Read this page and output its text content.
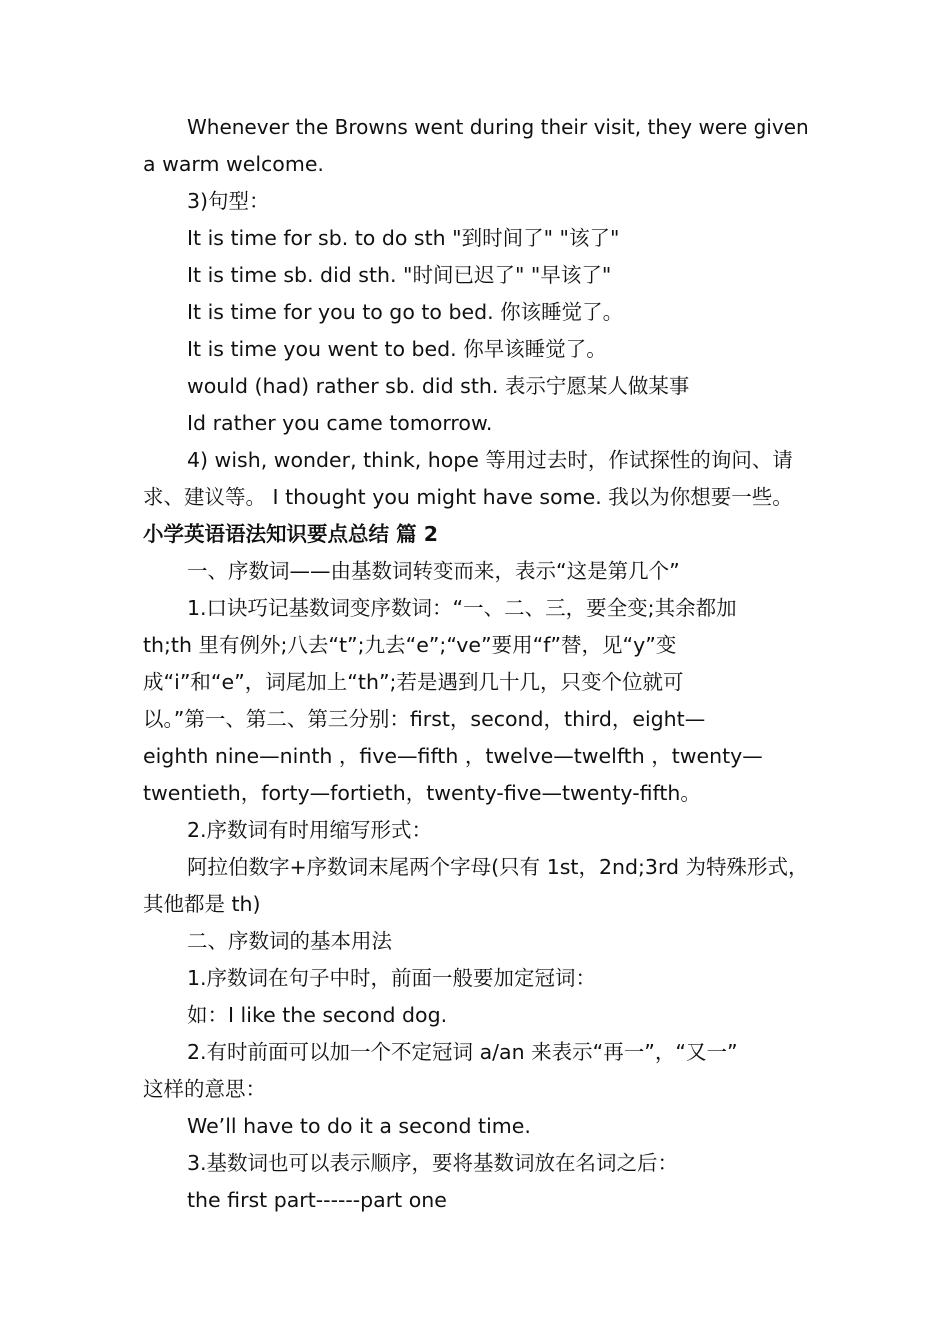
Whenever the Browns went during their visit, they were given
a warm welcome.
3)句型：
It is time for sb. to do sth "到时间了" "该了"
It is time sb. did sth. "时间已迟了" "早该了"
It is time for you to go to bed. 你该睡觉了。
It is time you went to bed. 你早该睡觉了。
would (had) rather sb. did sth. 表示宁愿某人做某事
Id rather you came tomorrow.
4) wish, wonder, think, hope 等用过去时，作试探性的询问、请
求、建议等。 I thought you might have some. 我以为你想要一些。
小学英语语法知识要点总结 篇 2
一、序数词——由基数词转变而来，表示“这是第几个”
1.口诀巧记基数词变序数词：“一、二、三，要全变;其余都加
th;th 里有例外;八去“t”;九去“e”;“ve”要用“f”替，见“y”变
成“i”和“e”，词尾加上“th”;若是遇到几十几，只变个位就可
以。”第一、第二、第三分别：first，second，third，eight—
eighth nine—ninth ，five—fifth ，twelve—twelfth ，twenty—
twentieth，forty—fortieth，twenty-five—twenty-fifth。
2.序数词有时用缩写形式：
阿拉伯数字+序数词末尾两个字母(只有 1st，2nd;3rd 为特殊形式，
其他都是 th)
二、序数词的基本用法
1.序数词在句子中时，前面一般要加定冠词：
如：I like the second dog.
2.有时前面可以加一个不定冠词 a/an 来表示“再一”，“又一”
这样的意思：
We’ll have to do it a second time.
3.基数词也可以表示顺序，要将基数词放在名词之后：
the first part------part one
